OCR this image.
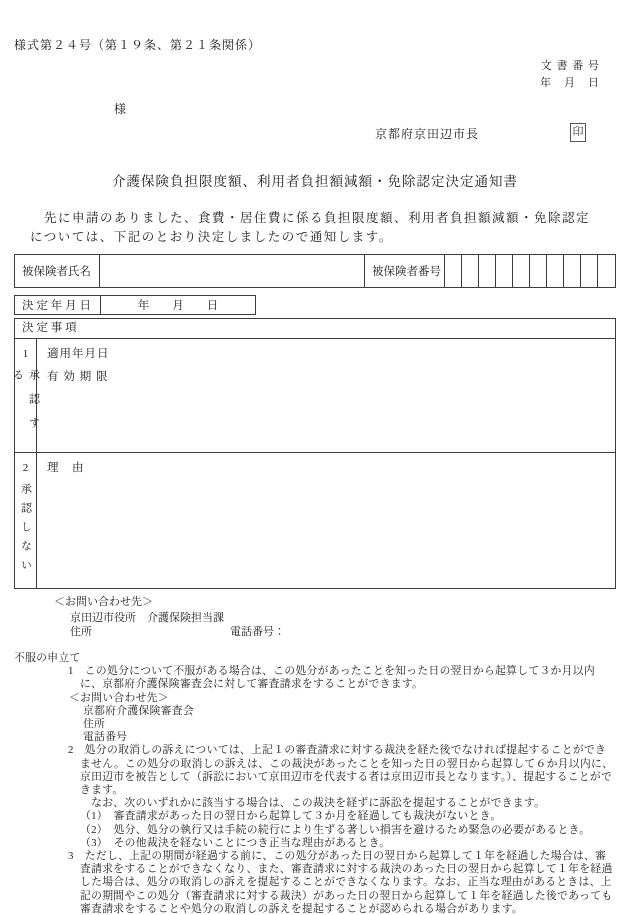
様式第２４号（第１９条、第２１条関係）
文 書 番 号
年　月　日
様
京都府京田辺市長	印
介護保険負担限度額、利用者負担額減額・免除認定決定通知書
　先に申請のありました、食費・居住費に係る負担限度額、利用者負担額減額・免除認定については、下記のとおり決定しましたので通知します。
被保険者氏名	被保険者番号
決 定 年 月 日	年　　月　　日
決 定 事 項
1
承認する
適用年月日
有 効 期 限
2
承認しない
理　由
＜お問い合わせ先＞
京田辺市役所　介護保険担当課
住所	電話番号：
不服の申立て
1　この処分について不服がある場合は、この処分があったことを知った日の翌日から起算して３か月以内に、京都府介護保険審査会に対して審査請求をすることができます。
＜お問い合わせ先＞
京都府介護保険審査会
住所
電話番号
2　処分の取消しの訴えについては、上記１の審査請求に対する裁決を経た後でなければ提起することができません。この処分の取消しの訴えは、この裁決があったことを知った日の翌日から起算して６か月以内に、京田辺市を被告として（訴訟において京田辺市を代表する者は京田辺市長となります。）、提起することができます。
　なお、次のいずれかに該当する場合は、この裁決を経ずに訴訟を提起することができます。
（1）　審査請求があった日の翌日から起算して３か月を経過しても裁決がないとき。
（2）　処分、処分の執行又は手続の続行により生ずる著しい損害を避けるため緊急の必要があるとき。
（3）　その他裁決を経ないことにつき正当な理由があるとき。
3　ただし、上記の期間が経過する前に、この処分があった日の翌日から起算して１年を経過した場合は、審査請求をすることができなくなり、また、審査請求に対する裁決のあった日の翌日から起算して１年を経過した場合は、処分の取消しの訴えを提起することができなくなります。なお、正当な理由があるときは、上記の期間やこの処分（審査請求に対する裁決）があった日の翌日から起算して１年を経過した後であっても審査請求をすることや処分の取消しの訴えを提起することが認められる場合があります。
